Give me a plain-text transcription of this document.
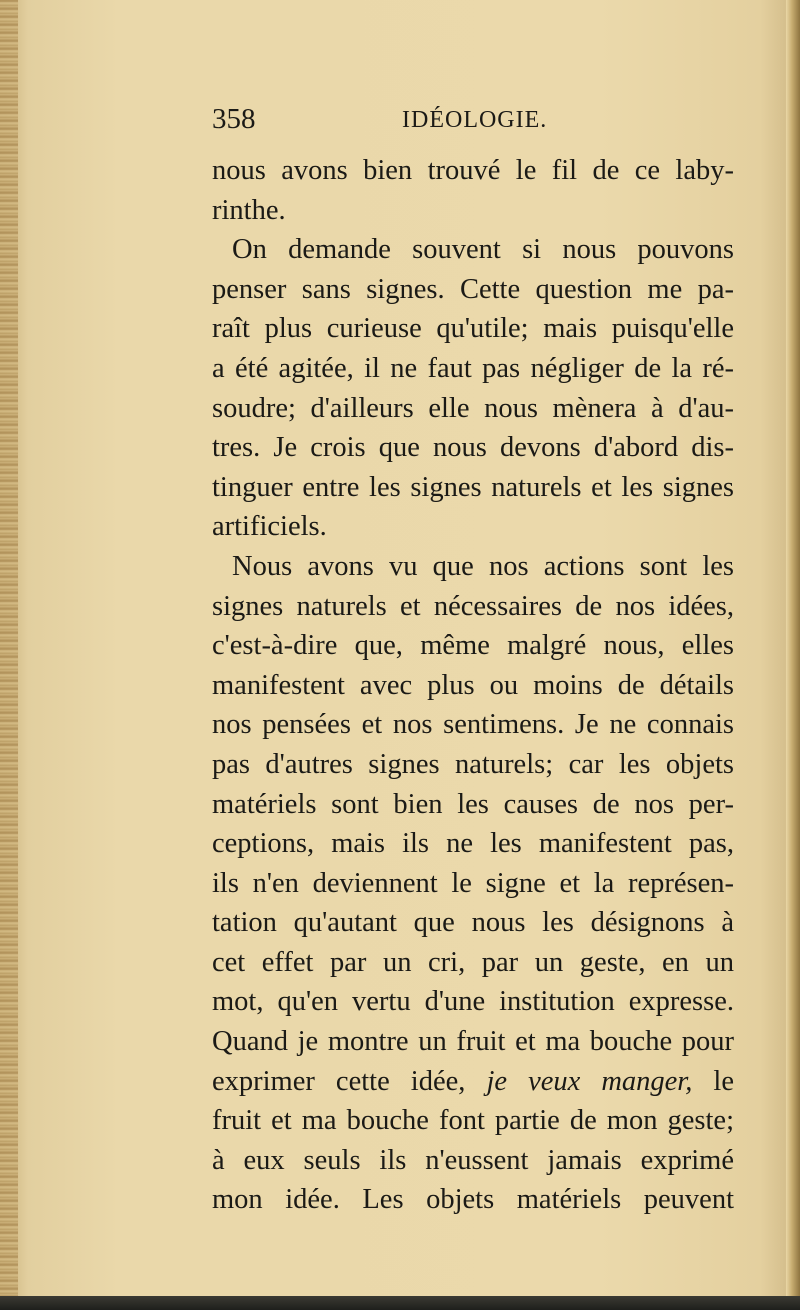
358	IDÉOLOGIE.
nous avons bien trouvé le fil de ce laby-
rinthe.
On demande souvent si nous pouvons
penser sans signes. Cette question me pa-
raît plus curieuse qu'utile; mais puisqu'elle
a été agitée, il ne faut pas négliger de la ré-
soudre; d'ailleurs elle nous mènera à d'au-
tres. Je crois que nous devons d'abord dis-
tinguer entre les signes naturels et les signes
artificiels.
Nous avons vu que nos actions sont les
signes naturels et nécessaires de nos idées,
c'est-à-dire que, même malgré nous, elles
manifestent avec plus ou moins de détails
nos pensées et nos sentimens. Je ne connais
pas d'autres signes naturels; car les objets
matériels sont bien les causes de nos per-
ceptions, mais ils ne les manifestent pas,
ils n'en deviennent le signe et la représen-
tation qu'autant que nous les désignons à
cet effet par un cri, par un geste, en un
mot, qu'en vertu d'une institution expresse.
Quand je montre un fruit et ma bouche pour
exprimer cette idée, je veux manger, le
fruit et ma bouche font partie de mon geste;
à eux seuls ils n'eussent jamais exprimé
mon idée. Les objets matériels peuvent
